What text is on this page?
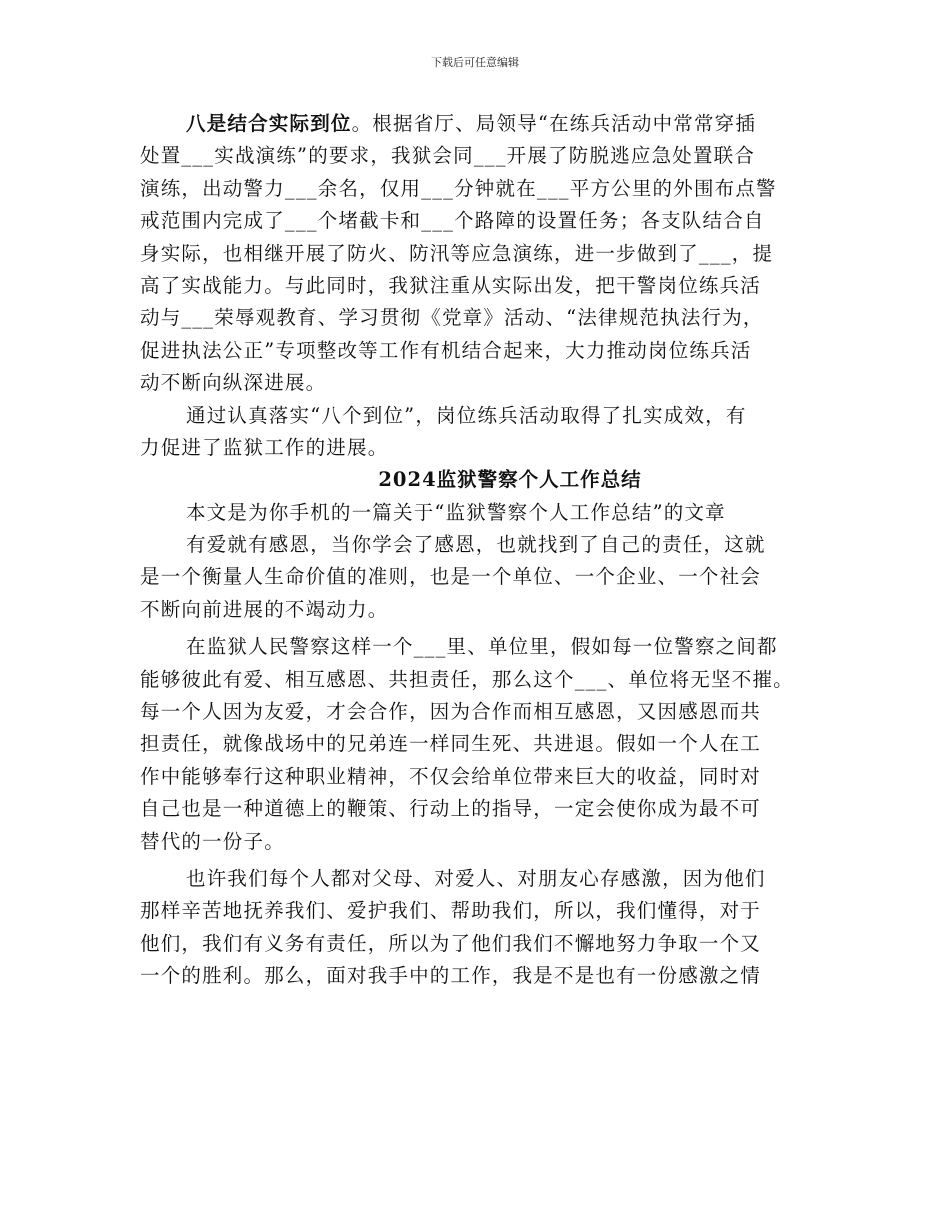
下载后可任意编辑
八是结合实际到位。根据省厅、局领导“在练兵活动中常常穿插
处置___实战演练”的要求，我狱会同___开展了防脱逃应急处置联合
演练，出动警力___余名，仅用___分钟就在___平方公里的外围布点警
戒范围内完成了___个堵截卡和___个路障的设置任务；各支队结合自
身实际，也相继开展了防火、防汛等应急演练，进一步做到了___，提
高了实战能力。与此同时，我狱注重从实际出发，把干警岗位练兵活
动与___荣辱观教育、学习贯彻《党章》活动、“法律规范执法行为，
促进执法公正”专项整改等工作有机结合起来，大力推动岗位练兵活
动不断向纵深进展。
通过认真落实“八个到位”，岗位练兵活动取得了扎实成效，有
力促进了监狱工作的进展。
2024监狱警察个人工作总结
本文是为你手机的一篇关于“监狱警察个人工作总结”的文章
有爱就有感恩，当你学会了感恩，也就找到了自己的责任，这就
是一个衡量人生命价值的准则，也是一个单位、一个企业、一个社会
不断向前进展的不竭动力。
在监狱人民警察这样一个___里、单位里，假如每一位警察之间都
能够彼此有爱、相互感恩、共担责任，那么这个___、单位将无坚不摧。
每一个人因为友爱，才会合作，因为合作而相互感恩，又因感恩而共
担责任，就像战场中的兄弟连一样同生死、共进退。假如一个人在工
作中能够奉行这种职业精神，不仅会给单位带来巨大的收益，同时对
自己也是一种道德上的鞭策、行动上的指导，一定会使你成为最不可
替代的一份子。
也许我们每个人都对父母、对爱人、对朋友心存感激，因为他们
那样辛苦地抚养我们、爱护我们、帮助我们，所以，我们懂得，对于
他们，我们有义务有责任，所以为了他们我们不懈地努力争取一个又
一个的胜利。那么，面对我手中的工作，我是不是也有一份感激之情
